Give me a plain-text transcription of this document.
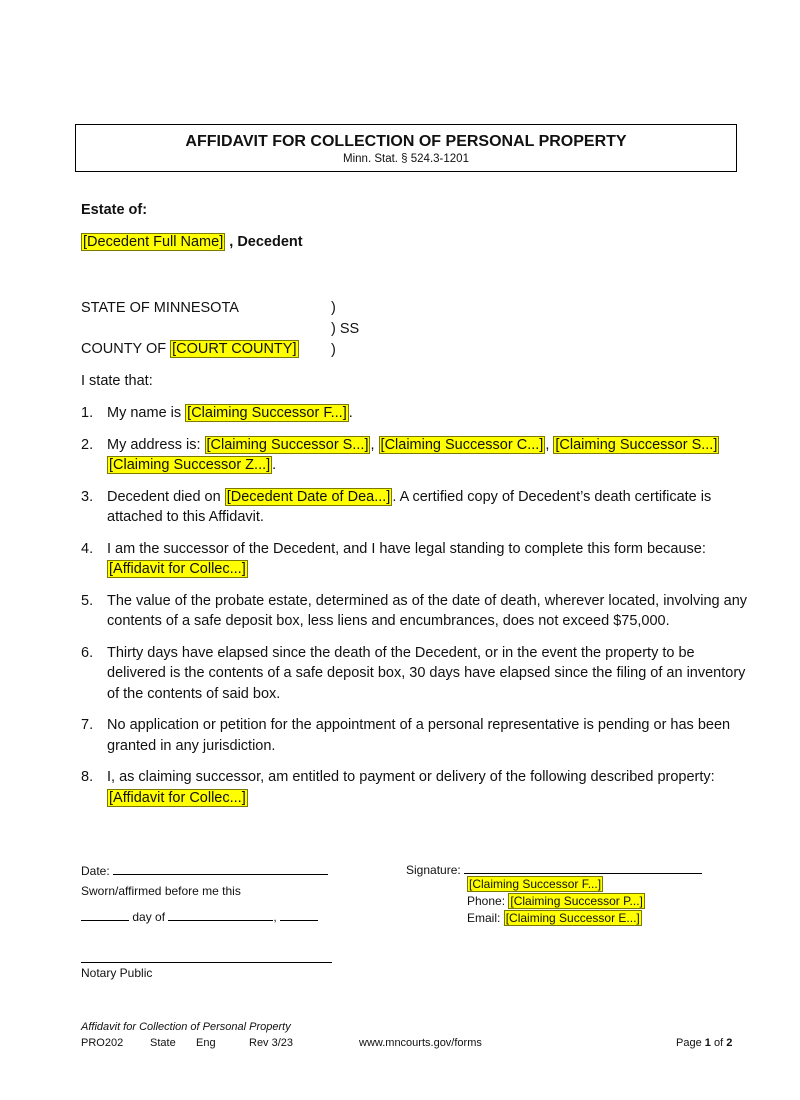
AFFIDAVIT FOR COLLECTION OF PERSONAL PROPERTY
Minn. Stat. § 524.3-1201
Estate of:
[Decedent Full Name] , Decedent
STATE OF MINNESOTA	)
) SS
COUNTY OF [COURT COUNTY] )
I state that:
1. My name is [Claiming Successor F...] .
2. My address is: [Claiming Successor S...] , [Claiming Successor C...] , [Claiming Successor S...]
[Claiming Successor Z...] .
3. Decedent died on [Decedent Date of Dea...] . A certified copy of Decedent’s death certificate is attached to this Affidavit.
4. I am the successor of the Decedent, and I have legal standing to complete this form because:
[Affidavit for Collec...]
5. The value of the probate estate, determined as of the date of death, wherever located, involving any contents of a safe deposit box, less liens and encumbrances, does not exceed $75,000.
6. Thirty days have elapsed since the death of the Decedent, or in the event the property to be delivered is the contents of a safe deposit box, 30 days have elapsed since the filing of an inventory of the contents of said box.
7. No application or petition for the appointment of a personal representative is pending or has been granted in any jurisdiction.
8. I, as claiming successor, am entitled to payment or delivery of the following described property:
[Affidavit for Collec...]
Date:
Sworn/affirmed before me this
day of	,
Notary Public
Signature:
[Claiming Successor F...]
Phone: [Claiming Successor P...]
Email: [Claiming Successor E...]
Affidavit for Collection of Personal Property
PRO202 State Eng	Rev 3/23	www.mncourts.gov/forms	Page 1 of 2
